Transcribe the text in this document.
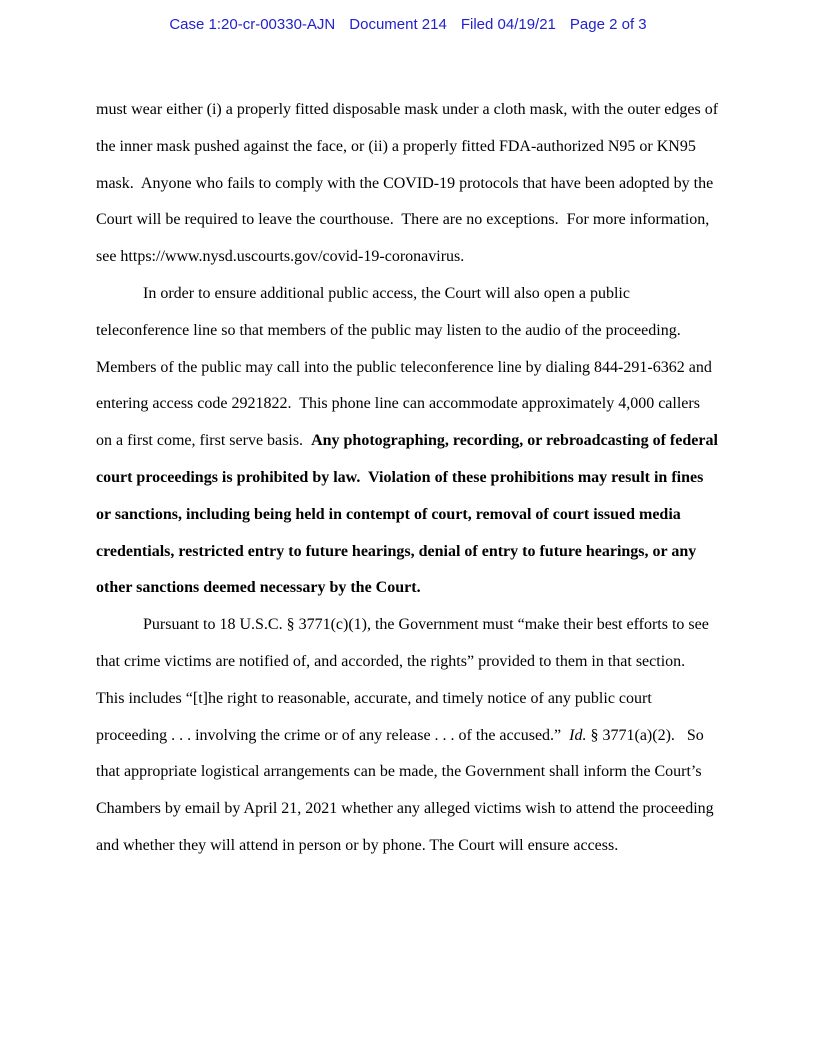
Case 1:20-cr-00330-AJN Document 214 Filed 04/19/21 Page 2 of 3
must wear either (i) a properly fitted disposable mask under a cloth mask, with the outer edges of
the inner mask pushed against the face, or (ii) a properly fitted FDA-authorized N95 or KN95
mask.  Anyone who fails to comply with the COVID-19 protocols that have been adopted by the
Court will be required to leave the courthouse.  There are no exceptions.  For more information,
see https://www.nysd.uscourts.gov/covid-19-coronavirus.
In order to ensure additional public access, the Court will also open a public
teleconference line so that members of the public may listen to the audio of the proceeding.
Members of the public may call into the public teleconference line by dialing 844-291-6362 and
entering access code 2921822.  This phone line can accommodate approximately 4,000 callers
on a first come, first serve basis.  Any photographing, recording, or rebroadcasting of federal
court proceedings is prohibited by law.  Violation of these prohibitions may result in fines
or sanctions, including being held in contempt of court, removal of court issued media
credentials, restricted entry to future hearings, denial of entry to future hearings, or any
other sanctions deemed necessary by the Court.
Pursuant to 18 U.S.C. § 3771(c)(1), the Government must “make their best efforts to see
that crime victims are notified of, and accorded, the rights” provided to them in that section.
This includes “[t]he right to reasonable, accurate, and timely notice of any public court
proceeding . . . involving the crime or of any release . . . of the accused.”  Id. § 3771(a)(2).   So
that appropriate logistical arrangements can be made, the Government shall inform the Court’s
Chambers by email by April 21, 2021 whether any alleged victims wish to attend the proceeding
and whether they will attend in person or by phone. The Court will ensure access.
